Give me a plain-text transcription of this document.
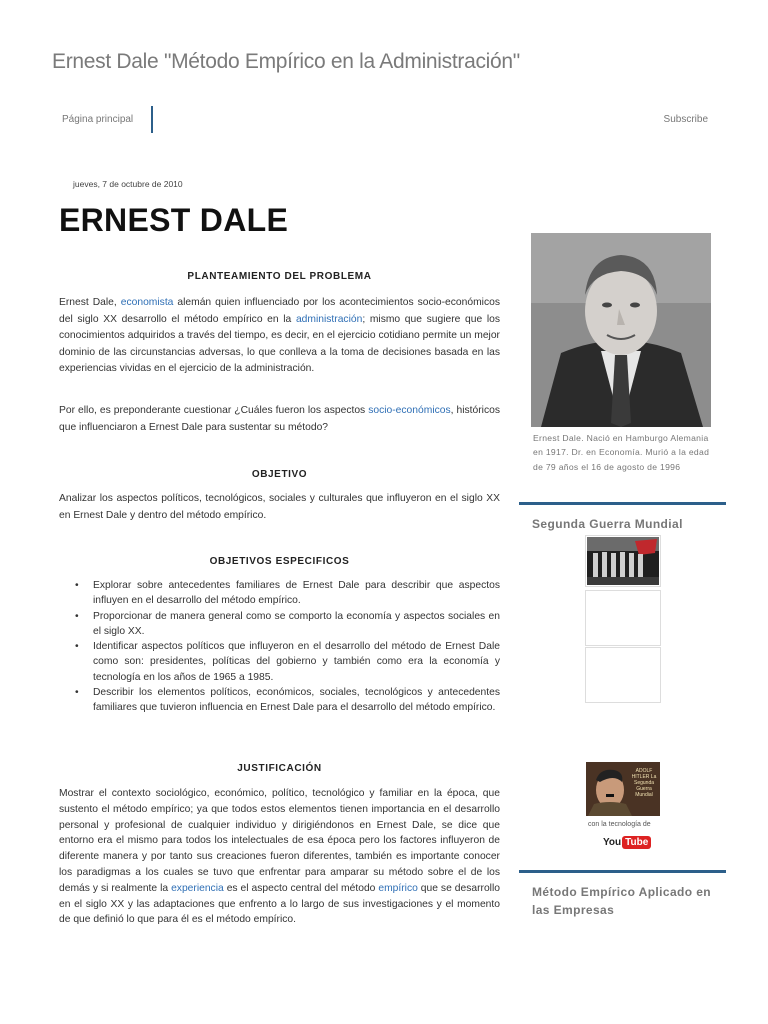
Ernest Dale "Método Empírico en la Administración"
Página principal	Subscribe
jueves, 7 de octubre de 2010
ERNEST DALE
PLANTEAMIENTO DEL PROBLEMA

Ernest Dale, economista alemán quien influenciado por los acontecimientos socio-económicos del siglo XX desarrollo el método empírico en la administración; mismo que sugiere que los conocimientos adquiridos a través del tiempo, es decir, en el ejercicio cotidiano permite un mejor dominio de las circunstancias adversas, lo que conlleva a la toma de decisiones basada en las experiencias vividas en el ejercicio de la administración.

Por ello, es preponderante cuestionar ¿Cuáles fueron los aspectos socio-económicos, históricos que influenciaron a Ernest Dale para sustentar su método?

OBJETIVO

Analizar los aspectos políticos, tecnológicos, sociales y culturales que influyeron en el siglo XX en Ernest Dale y dentro del método empírico.

OBJETIVOS ESPECIFICOS
• Explorar sobre antecedentes familiares de Ernest Dale para describir que aspectos influyen en el desarrollo del método empírico.
• Proporcionar de manera general como se comporto la economía y aspectos sociales en el siglo XX.
• Identificar aspectos políticos que influyeron en el desarrollo del método de Ernest Dale como son: presidentes, políticas del gobierno y también como era la economía y tecnología en los años de 1965 a 1985.
• Describir los elementos políticos, económicos, sociales, tecnológicos y antecedentes familiares que tuvieron influencia en Ernest Dale para el desarrollo del método empírico.
JUSTIFICACIÓN

Mostrar el contexto sociológico, económico, político, tecnológico y familiar en la época, que sustento el método empírico; ya que todos estos elementos tienen importancia en el desarrollo personal y profesional de cualquier individuo y dirigiéndonos en Ernest Dale, se dice que entorno era el mismo para todos los intelectuales de esa época pero los factores influyeron de diferente manera y por tanto sus creaciones fueron diferentes, también es importante conocer los paradigmas a los cuales se tuvo que enfrentar para amparar su método sobre el de los demás y si realmente la experiencia es el aspecto central del método empírico que se desarrollo en el siglo XX y las adaptaciones que enfrento a lo largo de sus investigaciones y el momento de que definió lo que para él es el método empírico.

Ernest Dale. Nació en Hamburgo Alemania en 1917. Dr. en Economía. Murió a la edad de 79 años el 16 de agosto de 1996
Segunda Guerra Mundial
ADOLF HITLER La Segunda Guerra Mundial
con la tecnología de
You Tube
Método Empírico Aplicado en las Empresas
